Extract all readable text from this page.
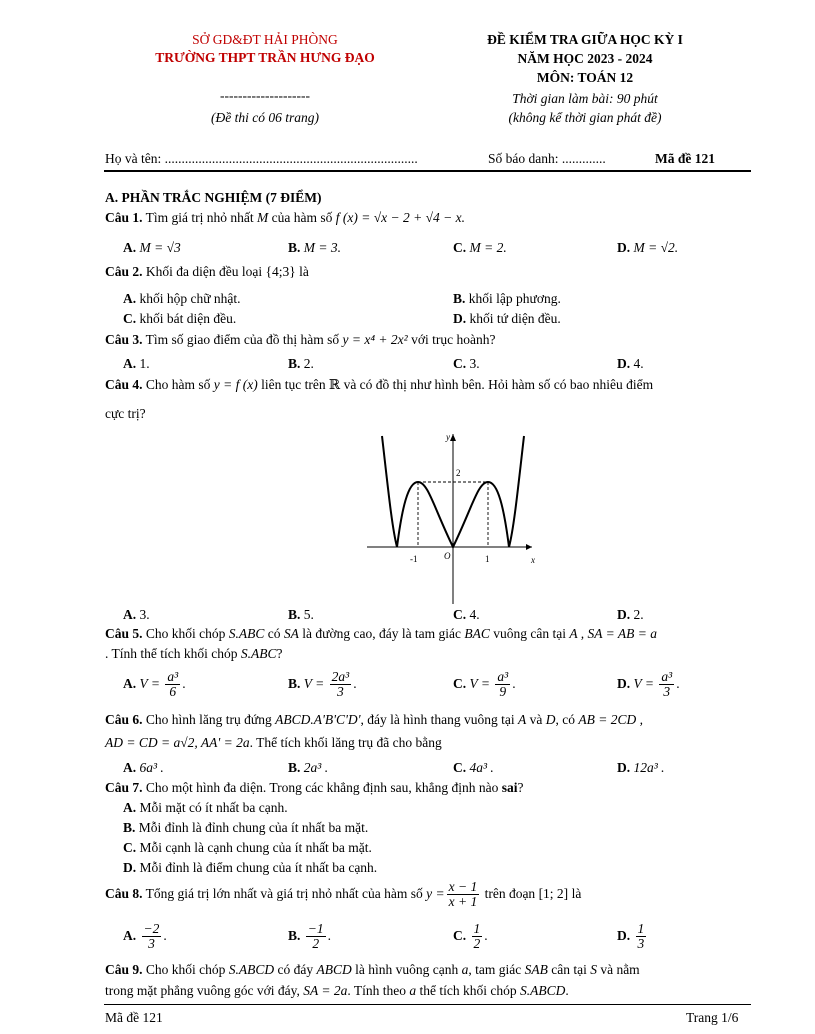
SỞ GD&ĐT HẢI PHÒNG
TRƯỜNG THPT TRẦN HƯNG ĐẠO
--------------------
(Đề thi có 06 trang)
ĐỀ KIỂM TRA GIỮA HỌC KỲ I
NĂM HỌC 2023 - 2024
MÔN: TOÁN 12
Thời gian làm bài: 90 phút
(không kể thời gian phát đề)
Họ và tên: ...........................................................................	Số báo danh: .............	Mã đề 121
A. PHẦN TRẮC NGHIỆM (7 ĐIỂM)
Câu 1. Tìm giá trị nhỏ nhất M của hàm số f (x) = √x − 2 + √4 − x.
A. M = √3	B. M = 3.	C. M = 2.	D. M = √2.
Câu 2. Khối đa diện đều loại {4;3} là
A. khối hộp chữ nhật.	B. khối lập phương.
C. khối bát diện đều.	D. khối tứ diện đều.
Câu 3. Tìm số giao điểm của đồ thị hàm số y = x⁴ + 2x² với trục hoành?
A. 1.	B. 2.	C. 3.	D. 4.
Câu 4. Cho hàm số y = f (x) liên tục trên ℝ và có đồ thị như hình bên. Hỏi hàm số có bao nhiêu điểm
cực trị?
y
x
2
-1	O	1
A. 3.	B. 5.	C. 4.	D. 2.
Câu 5. Cho khối chóp S.ABC có SA là đường cao, đáy là tam giác BAC vuông cân tại A , SA = AB = a
. Tính thể tích khối chóp S.ABC?
A. $V = \frac{\text{a³}}{6}$ .	B. $V = \frac{\text{2a³}}{3}$ .	C. $V = \frac{\text{a³}}{9}$ .	D. $V = \frac{\text{a³}}{3}$ .
Câu 6. Cho hình lăng trụ đứng ABCD.A'B'C'D', đáy là hình thang vuông tại A và D, có AB = 2CD ,
AD = CD = a√2, AA' = 2a. Thể tích khối lăng trụ đã cho bằng
A. 6a³ .	B. 2a³ .	C. 4a³ .	D. 12a³ .
Câu 7. Cho một hình đa diện. Trong các khẳng định sau, khẳng định nào sai?
A. Mỗi mặt có ít nhất ba cạnh.
B. Mỗi đỉnh là đỉnh chung của ít nhất ba mặt.
C. Mỗi cạnh là cạnh chung của ít nhất ba mặt.
D. Mỗi đỉnh là điểm chung của ít nhất ba cạnh.
Câu 8. Tổng giá trị lớn nhất và giá trị nhỏ nhất của hàm số $y = \frac{x - 1}{x + 1}$ trên đoạn [1; 2] là
A. $\frac{-2}{3}$ .	B. $\frac{-1}{2}$ .	C. $\frac{1}{2}$ .	D. $\frac{1}{3}$
Câu 9. Cho khối chóp S.ABCD có đáy ABCD là hình vuông cạnh a, tam giác SAB cân tại S và nằm
trong mặt phẳng vuông góc với đáy, SA = 2a. Tính theo a thể tích khối chóp S.ABCD.
Mã đề 121	Trang 1/6
